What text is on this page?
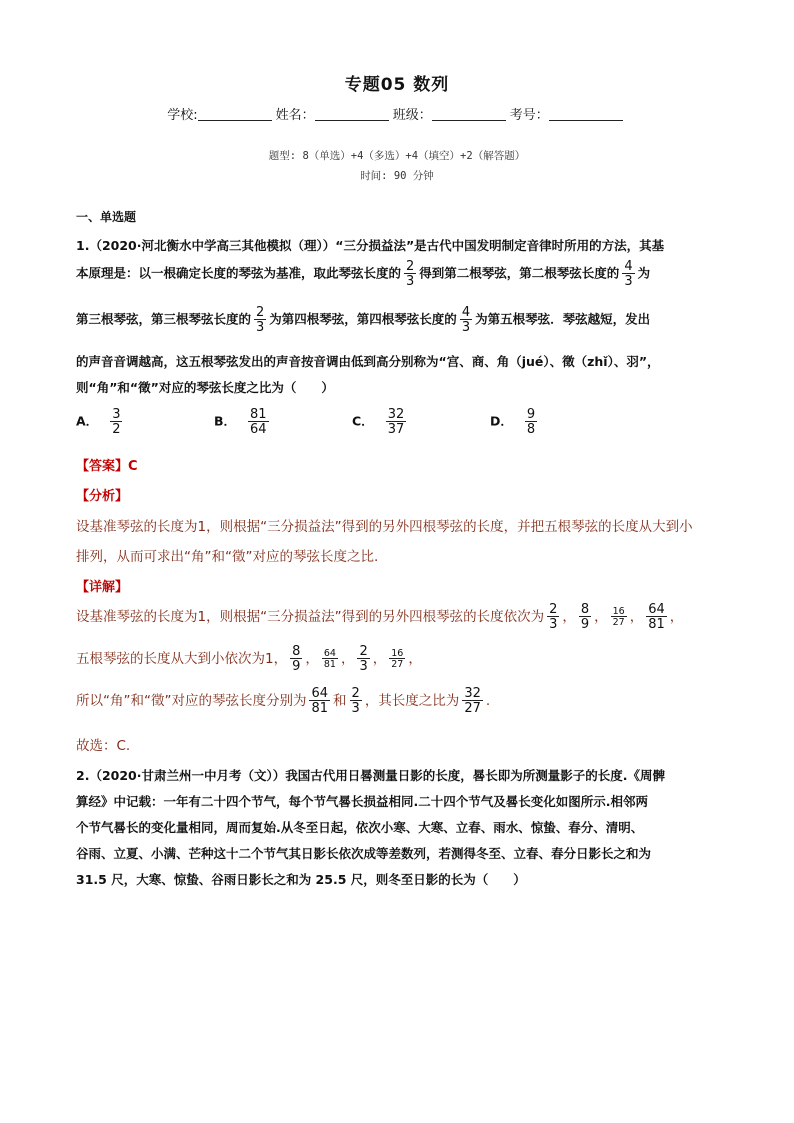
专题05 数列
学校:	姓名：	班级：	考号：
题型: 8（单选）+4（多选）+4（填空）+2（解答题）
时间: 90 分钟
一、单选题
1.（2020·河北衡水中学高三其他模拟（理））“三分损益法”是古代中国发明制定音律时所用的方法，其基
本原理是：以一根确定长度的琴弦为基准，取此琴弦长度的 $\frac{2}{3}$ 得到第二根琴弦，第二根琴弦长度的 $\frac{4}{3}$ 为
第三根琴弦，第三根琴弦长度的 $\frac{2}{3}$ 为第四根琴弦，第四根琴弦长度的 $\frac{4}{3}$ 为第五根琴弦．琴弦越短，发出
的声音音调越高，这五根琴弦发出的声音按音调由低到高分别称为“宫、商、角（jué）、徵（zhǐ）、羽”，
则“角”和“徵”对应的琴弦长度之比为（　　）
A． $\frac{3}{2}$	B． $\frac{81}{64}$	C． $\frac{32}{37}$	D． $\frac{9}{8}$
【答案】C
【分析】
设基准琴弦的长度为1，则根据“三分损益法”得到的另外四根琴弦的长度，并把五根琴弦的长度从大到小
排列，从而可求出“角”和“徵”对应的琴弦长度之比.
【详解】
设基准琴弦的长度为1，则根据“三分损益法”得到的另外四根琴弦的长度依次为 $\frac{2}{3}$ ， $\frac{8}{9}$ ， $\frac{16}{27}$ ， $\frac{64}{81}$ ，
五根琴弦的长度从大到小依次为1， $\frac{8}{9}$ ， $\frac{64}{81}$ ， $\frac{2}{3}$ ， $\frac{16}{27}$ ，
所以“角”和“徵”对应的琴弦长度分别为 $\frac{64}{81}$ 和 $\frac{2}{3}$ ，其长度之比为 $\frac{32}{27}$ .
故选：C.
2.（2020·甘肃兰州一中月考（文））我国古代用日晷测量日影的长度，晷长即为所测量影子的长度.《周髀
算经》中记载：一年有二十四个节气，每个节气晷长损益相同.二十四个节气及晷长变化如图所示.相邻两
个节气晷长的变化量相同，周而复始.从冬至日起，依次小寒、大寒、立春、雨水、惊蛰、春分、清明、
谷雨、立夏、小满、芒种这十二个节气其日影长依次成等差数列，若测得冬至、立春、春分日影长之和为
31.5 尺，大寒、惊蛰、谷雨日影长之和为 25.5 尺，则冬至日影的长为（　　）
